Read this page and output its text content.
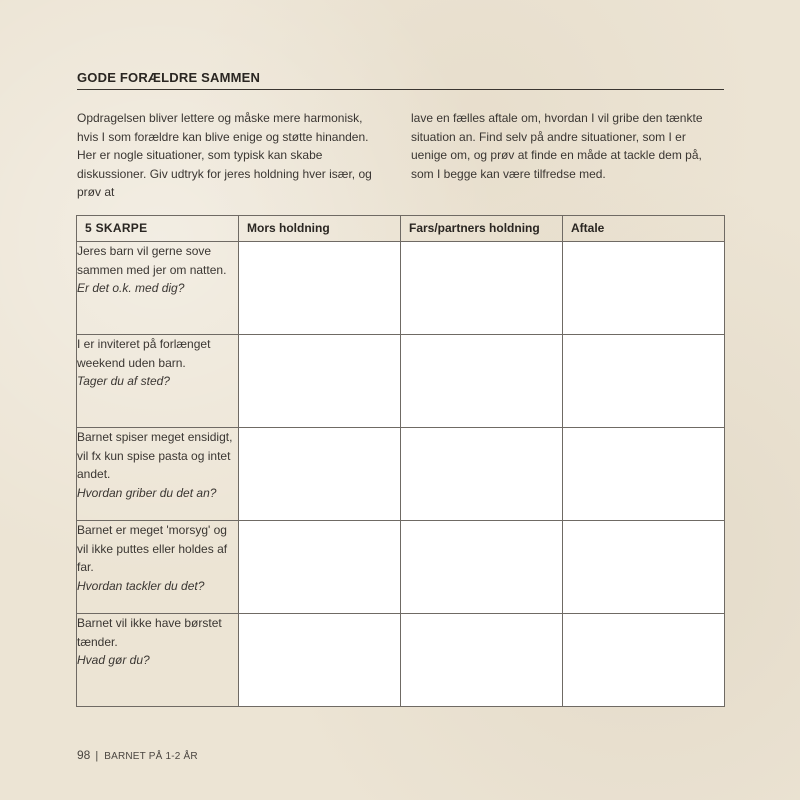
GODE FORÆLDRE SAMMEN
Opdragelsen bliver lettere og måske mere harmonisk, hvis I som forældre kan blive enige og støtte hinanden. Her er nogle situationer, som typisk kan skabe diskussioner. Giv udtryk for jeres holdning hver især, og prøv at
lave en fælles aftale om, hvordan I vil gribe den tænkte situation an. Find selv på andre situationer, som I er uenige om, og prøv at finde en måde at tackle dem på, som I begge kan være tilfredse med.
5 SKARPE	Mors holdning	Fars/partners holdning	Aftale
Jeres barn vil gerne sove sammen med jer om natten.
Er det o.k. med dig?			

I er inviteret på forlænget weekend uden barn.
Tager du af sted?			

Barnet spiser meget ensidigt, vil fx kun spise pasta og intet andet.
Hvordan griber du det an?			

Barnet er meget 'morsyg' og vil ikke puttes eller holdes af far.
Hvordan tackler du det?			

Barnet vil ikke have børstet tænder.
Hvad gør du?			

98 | BARNET PÅ 1-2 ÅR
